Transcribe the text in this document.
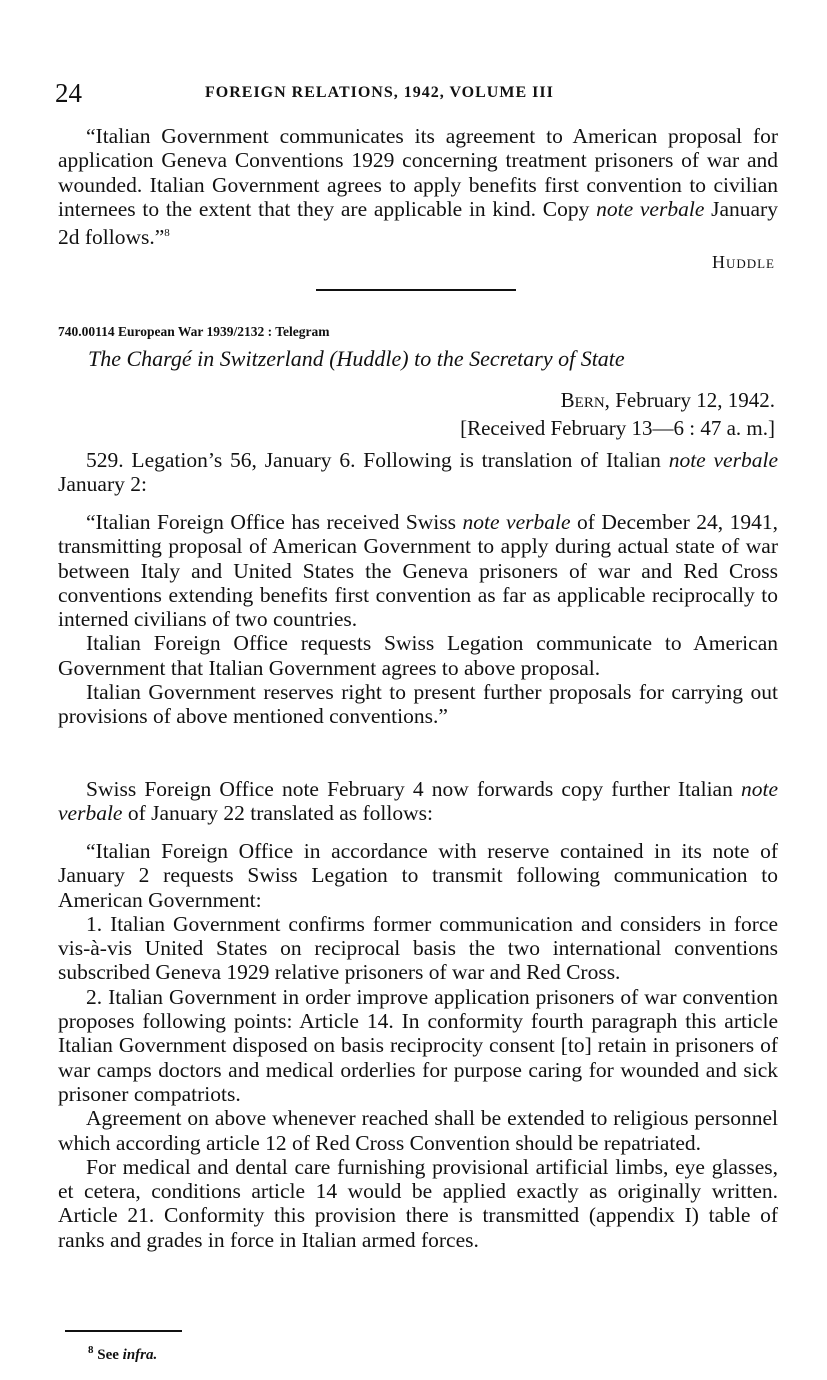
24	FOREIGN RELATIONS, 1942, VOLUME III

“Italian Government communicates its agreement to American proposal for application Geneva Conventions 1929 concerning treatment prisoners of war and wounded. Italian Government agrees to apply benefits first convention to civilian internees to the extent that they are applicable in kind. Copy note verbale January 2d follows.”$^8$

Huddle
740.00114 European War 1939/2132 : Telegram
The Chargé in Switzerland (Huddle) to the Secretary of State
Bern, February 12, 1942.
[Received February 13—6 : 47 a. m.]

529. Legation’s 56, January 6. Following is translation of Italian note verbale January 2:

“Italian Foreign Office has received Swiss note verbale of December 24, 1941, transmitting proposal of American Government to apply during actual state of war between Italy and United States the Geneva prisoners of war and Red Cross conventions extending benefits first convention as far as applicable reciprocally to interned civilians of two countries.

Italian Foreign Office requests Swiss Legation communicate to American Government that Italian Government agrees to above proposal.

Italian Government reserves right to present further proposals for carrying out provisions of above mentioned conventions.”

Swiss Foreign Office note February 4 now forwards copy further Italian note verbale of January 22 translated as follows:

“Italian Foreign Office in accordance with reserve contained in its note of January 2 requests Swiss Legation to transmit following communication to American Government:

1. Italian Government confirms former communication and considers in force vis-à-vis United States on reciprocal basis the two international conventions subscribed Geneva 1929 relative prisoners of war and Red Cross.

2. Italian Government in order improve application prisoners of war convention proposes following points: Article 14. In conformity fourth paragraph this article Italian Government disposed on basis reciprocity consent [to] retain in prisoners of war camps doctors and medical orderlies for purpose caring for wounded and sick prisoner compatriots.

Agreement on above whenever reached shall be extended to religious personnel which according article 12 of Red Cross Convention should be repatriated.

For medical and dental care furnishing provisional artificial limbs, eye glasses, et cetera, conditions article 14 would be applied exactly as originally written. Article 21. Conformity this provision there is transmitted (appendix I) table of ranks and grades in force in Italian armed forces.

$^8$ See infra.
